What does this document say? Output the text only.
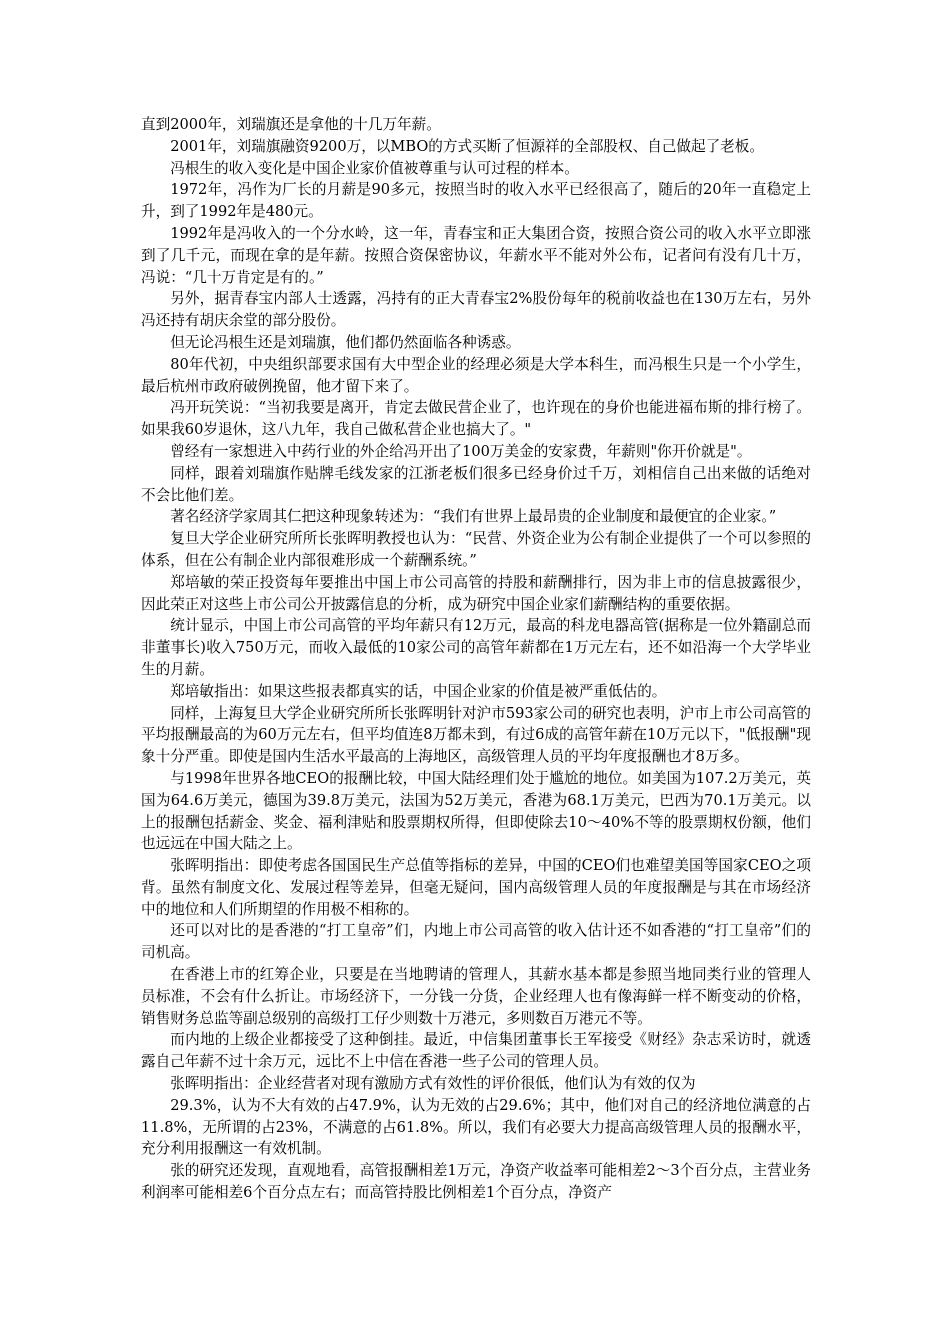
直到2000年，刘瑞旗还是拿他的十几万年薪。

2001年，刘瑞旗融资9200万，以MBO的方式买断了恒源祥的全部股权、自己做起了老板。

冯根生的收入变化是中国企业家价值被尊重与认可过程的样本。

1972年，冯作为厂长的月薪是90多元，按照当时的收入水平已经很高了，随后的20年一直稳定上升，到了1992年是480元。

1992年是冯收入的一个分水岭，这一年，青春宝和正大集团合资，按照合资公司的收入水平立即涨到了几千元，而现在拿的是年薪。按照合资保密协议，年薪水平不能对外公布，记者问有没有几十万，冯说：“几十万肯定是有的。”

另外，据青春宝内部人士透露，冯持有的正大青春宝2%股份每年的税前收益也在130万左右，另外冯还持有胡庆余堂的部分股份。

但无论冯根生还是刘瑞旗，他们都仍然面临各种诱惑。

80年代初，中央组织部要求国有大中型企业的经理必须是大学本科生，而冯根生只是一个小学生，最后杭州市政府破例挽留，他才留下来了。

冯开玩笑说：“当初我要是离开，肯定去做民营企业了，也许现在的身价也能进福布斯的排行榜了。如果我60岁退休，这八九年，我自己做私营企业也搞大了。"

曾经有一家想进入中药行业的外企给冯开出了100万美金的安家费，年薪则"你开价就是"。

同样，跟着刘瑞旗作贴牌毛线发家的江浙老板们很多已经身价过千万，刘相信自己出来做的话绝对不会比他们差。

著名经济学家周其仁把这种现象转述为：“我们有世界上最昂贵的企业制度和最便宜的企业家。”

复旦大学企业研究所所长张晖明教授也认为：“民营、外资企业为公有制企业提供了一个可以参照的体系，但在公有制企业内部很难形成一个薪酬系统。”

郑培敏的荣正投资每年要推出中国上市公司高管的持股和薪酬排行，因为非上市的信息披露很少，因此荣正对这些上市公司公开披露信息的分析，成为研究中国企业家们薪酬结构的重要依据。

统计显示，中国上市公司高管的平均年薪只有12万元，最高的科龙电器高管(据称是一位外籍副总而非董事长)收入750万元，而收入最低的10家公司的高管年薪都在1万元左右，还不如沿海一个大学毕业生的月薪。

郑培敏指出：如果这些报表都真实的话，中国企业家的价值是被严重低估的。

同样，上海复旦大学企业研究所所长张晖明针对沪市593家公司的研究也表明，沪市上市公司高管的平均报酬最高的为60万元左右，但平均值连8万都未到，有过6成的高管年薪在10万元以下，"低报酬"现象十分严重。即使是国内生活水平最高的上海地区，高级管理人员的平均年度报酬也才8万多。

与1998年世界各地CEO的报酬比较，中国大陆经理们处于尴尬的地位。如美国为107.2万美元，英国为64.6万美元，德国为39.8万美元，法国为52万美元，香港为68.1万美元，巴西为70.1万美元。以上的报酬包括薪金、奖金、福利津贴和股票期权所得，但即使除去10～40%不等的股票期权份额，他们也远远在中国大陆之上。

张晖明指出：即使考虑各国国民生产总值等指标的差异，中国的CEO们也难望美国等国家CEO之项背。虽然有制度文化、发展过程等差异，但毫无疑问，国内高级管理人员的年度报酬是与其在市场经济中的地位和人们所期望的作用极不相称的。

还可以对比的是香港的“打工皇帝”们，内地上市公司高管的收入估计还不如香港的“打工皇帝”们的司机高。

在香港上市的红筹企业，只要是在当地聘请的管理人，其薪水基本都是参照当地同类行业的管理人员标准，不会有什么折让。市场经济下，一分钱一分货，企业经理人也有像海鲜一样不断变动的价格，销售财务总监等副总级别的高级打工仔少则数十万港元，多则数百万港元不等。

而内地的上级企业都接受了这种倒挂。最近，中信集团董事长王军接受《财经》杂志采访时，就透露自己年薪不过十余万元，远比不上中信在香港一些子公司的管理人员。

张晖明指出：企业经营者对现有激励方式有效性的评价很低，他们认为有效的仅为

29.3%，认为不大有效的占47.9%，认为无效的占29.6%；其中，他们对自己的经济地位满意的占11.8%，无所谓的占23%，不满意的占61.8%。所以，我们有必要大力提高高级管理人员的报酬水平，充分利用报酬这一有效机制。

张的研究还发现，直观地看，高管报酬相差1万元，净资产收益率可能相差2～3个百分点，主营业务利润率可能相差6个百分点左右；而高管持股比例相差1个百分点，净资产
